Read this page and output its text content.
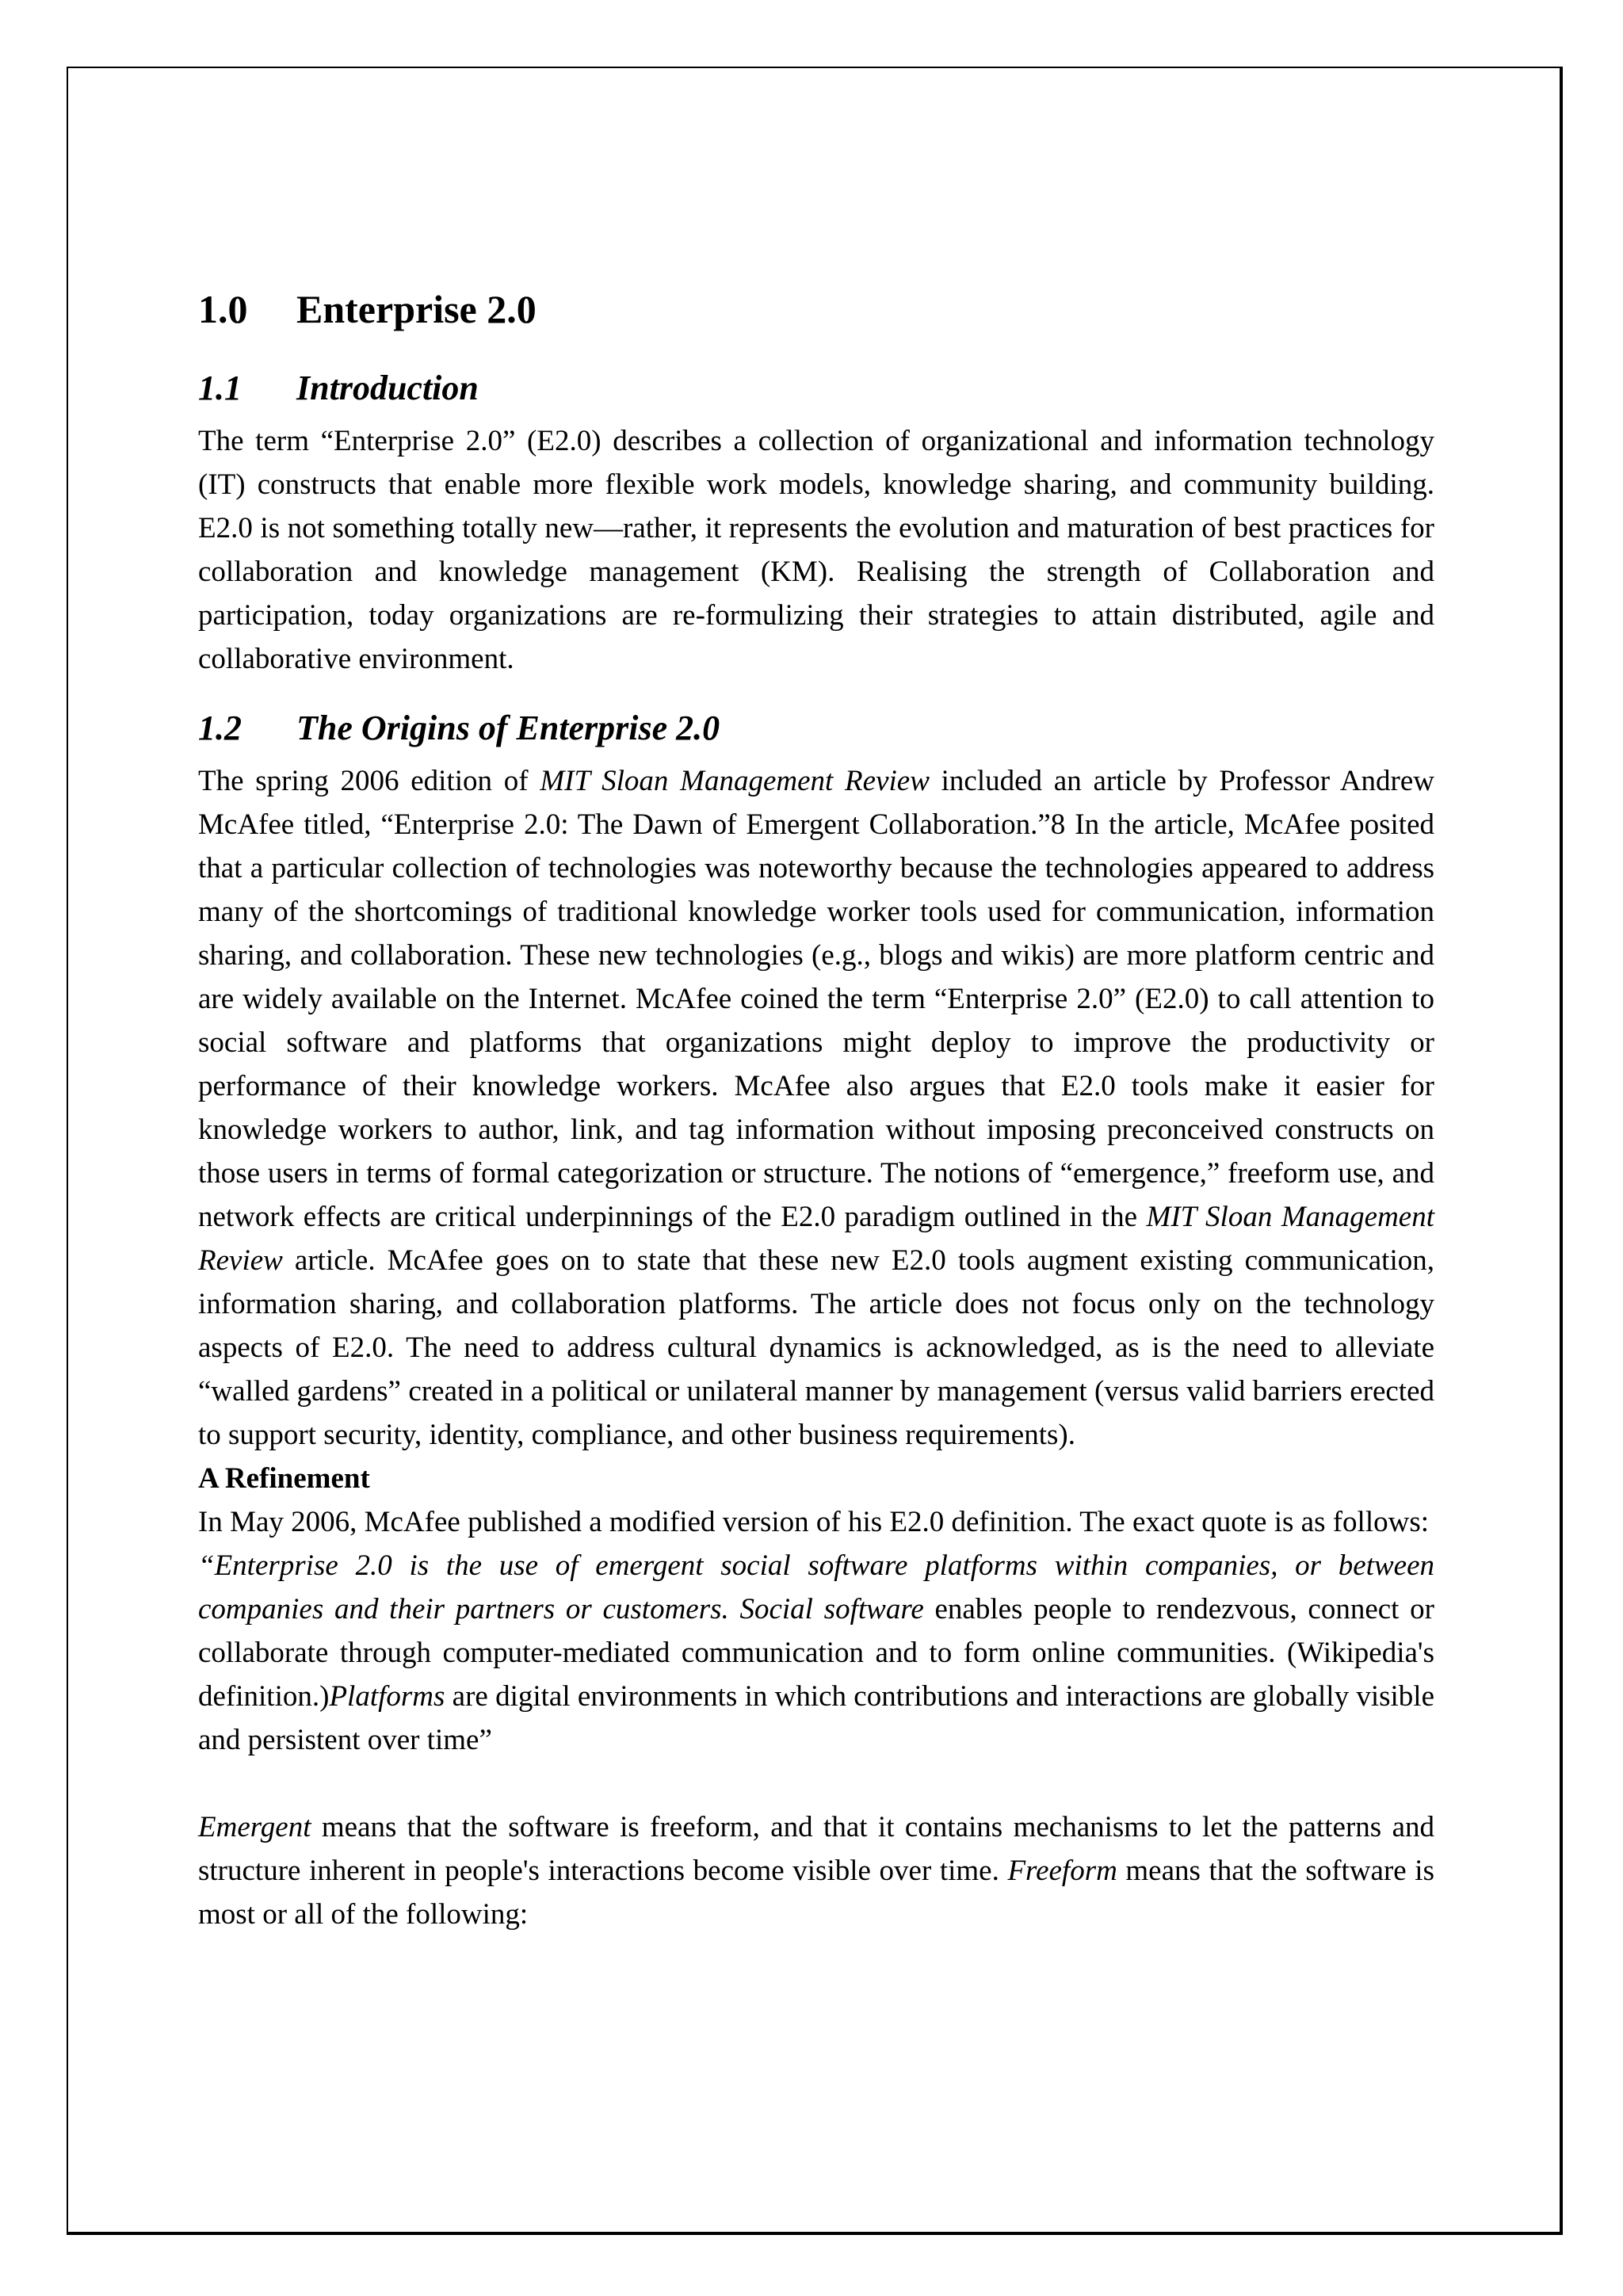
1.0 Enterprise 2.0
1.1 Introduction

The term “Enterprise 2.0” (E2.0) describes a collection of organizational and information technology (IT) constructs that enable more flexible work models, knowledge sharing, and community building. E2.0 is not something totally new—rather, it represents the evolution and maturation of best practices for collaboration and knowledge management (KM). Realising the strength of Collaboration and participation, today organizations are re-formulizing their strategies to attain distributed, agile and collaborative environment.

1.2 The Origins of Enterprise 2.0

The spring 2006 edition of MIT Sloan Management Review included an article by Professor Andrew McAfee titled, “Enterprise 2.0: The Dawn of Emergent Collaboration.”8 In the article, McAfee posited that a particular collection of technologies was noteworthy because the technologies appeared to address many of the shortcomings of traditional knowledge worker tools used for communication, information sharing, and collaboration. These new technologies (e.g., blogs and wikis) are more platform centric and are widely available on the Internet. McAfee coined the term “Enterprise 2.0” (E2.0) to call attention to social software and platforms that organizations might deploy to improve the productivity or performance of their knowledge workers. McAfee also argues that E2.0 tools make it easier for knowledge workers to author, link, and tag information without imposing preconceived constructs on those users in terms of formal categorization or structure. The notions of “emergence,” freeform use, and network effects are critical underpinnings of the E2.0 paradigm outlined in the MIT Sloan Management Review article. McAfee goes on to state that these new E2.0 tools augment existing communication, information sharing, and collaboration platforms. The article does not focus only on the technology aspects of E2.0. The need to address cultural dynamics is acknowledged, as is the need to alleviate “walled gardens” created in a political or unilateral manner by management (versus valid barriers erected to support security, identity, compliance, and other business requirements).

A Refinement

In May 2006, McAfee published a modified version of his E2.0 definition. The exact quote is as follows:

“Enterprise 2.0 is the use of emergent social software platforms within companies, or between companies and their partners or customers. Social software enables people to rendezvous, connect or collaborate through computer-mediated communication and to form online communities. (Wikipedia's definition.)Platforms are digital environments in which contributions and interactions are globally visible and persistent over time”

Emergent means that the software is freeform, and that it contains mechanisms to let the patterns and structure inherent in people's interactions become visible over time. Freeform means that the software is most or all of the following:
